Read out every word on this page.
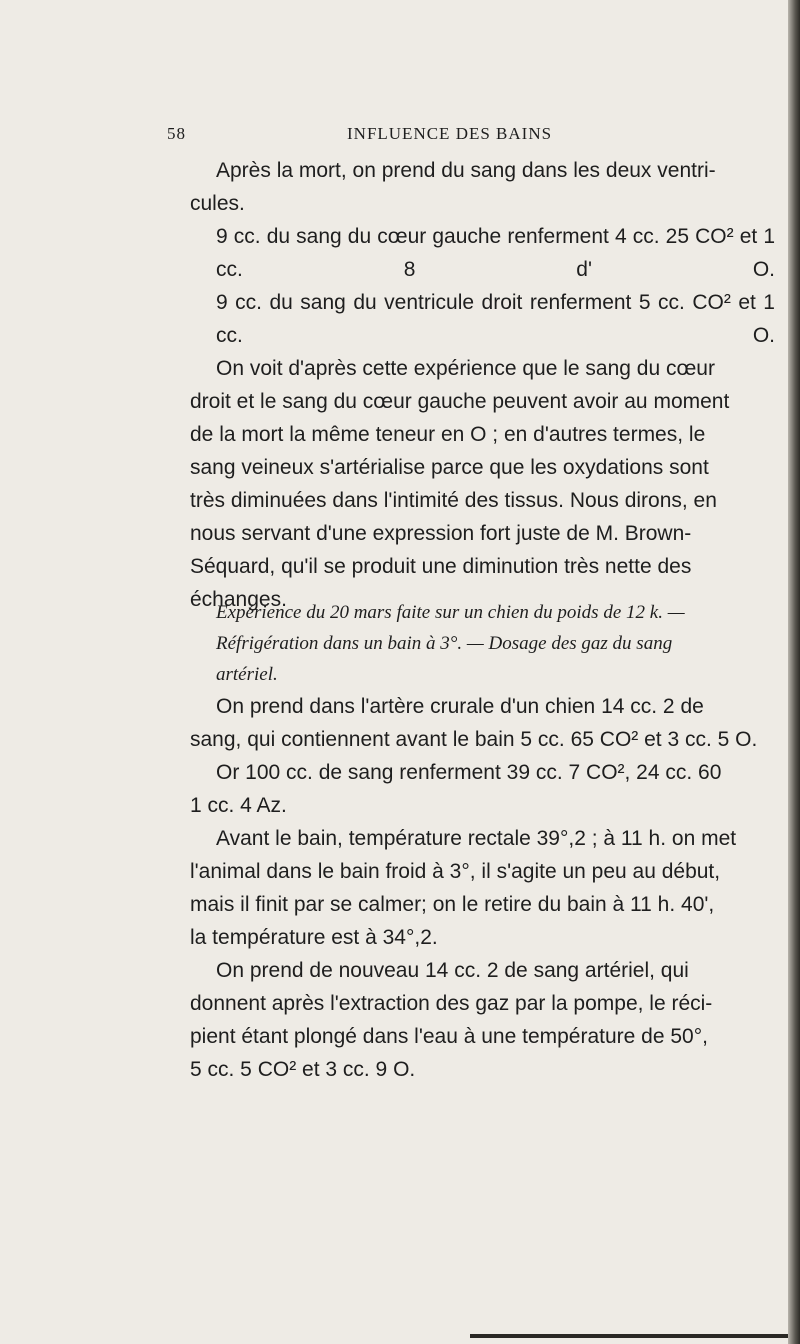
58	INFLUENCE DES BAINS
Après la mort, on prend du sang dans les deux ventri-
cules.
9 cc. du sang du cœur gauche renferment 4 cc. 25 CO² et 1 cc. 8 d' O.
9 cc. du sang du ventricule droit renferment 5 cc. CO² et 1 cc. O.
On voit d'après cette expérience que le sang du cœur
droit et le sang du cœur gauche peuvent avoir au moment
de la mort la même teneur en O ; en d'autres termes, le
sang veineux s'artérialise parce que les oxydations sont
très diminuées dans l'intimité des tissus. Nous dirons, en
nous servant d'une expression fort juste de M. Brown-
Séquard, qu'il se produit une diminution très nette des
échanges.
Expérience du 20 mars faite sur un chien du poids de 12 k. —
Réfrigération dans un bain à 3°. — Dosage des gaz du sang
artériel.
On prend dans l'artère crurale d'un chien 14 cc. 2 de
sang, qui contiennent avant le bain 5 cc. 65 CO² et 3 cc. 5 O.
Or 100 cc. de sang renferment 39 cc. 7 CO², 24 cc. 60
1 cc. 4 Az.
Avant le bain, température rectale 39°,2 ; à 11 h. on met
l'animal dans le bain froid à 3°, il s'agite un peu au début,
mais il finit par se calmer; on le retire du bain à 11 h. 40',
la température est à 34°,2.
On prend de nouveau 14 cc. 2 de sang artériel, qui
donnent après l'extraction des gaz par la pompe, le réci-
pient étant plongé dans l'eau à une température de 50°,
5 cc. 5 CO² et 3 cc. 9 O.
